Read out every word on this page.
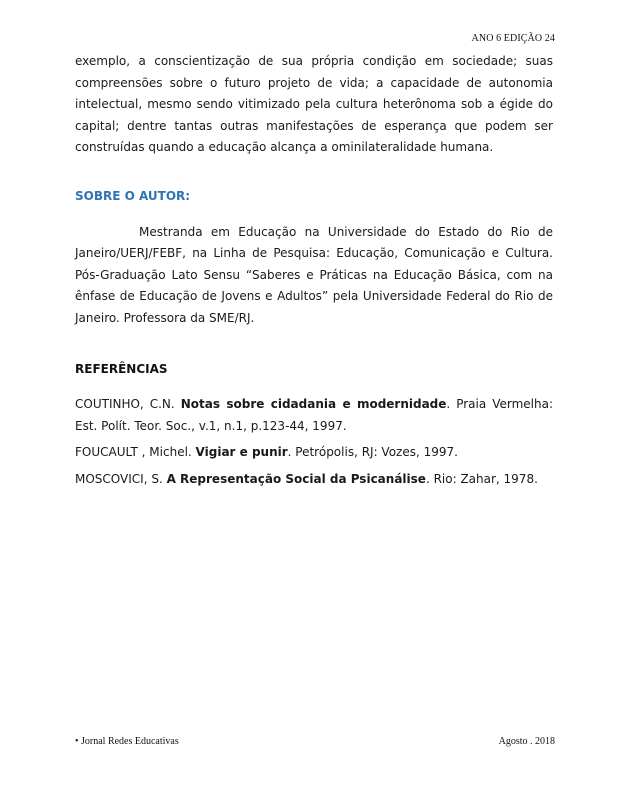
ANO 6 EDIÇÃO 24

exemplo, a conscientização de sua própria condição em sociedade; suas compreensões sobre o futuro projeto de vida; a capacidade de autonomia intelectual, mesmo sendo vitimizado pela cultura heterônoma sob a égide do capital; dentre tantas outras manifestações de esperança que podem ser construídas quando a educação alcança a ominilateralidade humana.

SOBRE O AUTOR:

Mestranda em Educação na Universidade do Estado do Rio de Janeiro/UERJ/FEBF, na Linha de Pesquisa: Educação, Comunicação e Cultura. Pós-Graduação Lato Sensu “Saberes e Práticas na Educação Básica, com na ênfase de Educação de Jovens e Adultos” pela Universidade Federal do Rio de Janeiro. Professora da SME/RJ.

REFERÊNCIAS

COUTINHO, C.N. Notas sobre cidadania e modernidade. Praia Vermelha: Est. Polít. Teor. Soc., v.1, n.1, p.123-44, 1997.

FOUCAULT , Michel. Vigiar e punir. Petrópolis, RJ: Vozes, 1997.

MOSCOVICI, S. A Representação Social da Psicanálise. Rio: Zahar, 1978.

• Jornal Redes Educativas	Agosto . 2018
